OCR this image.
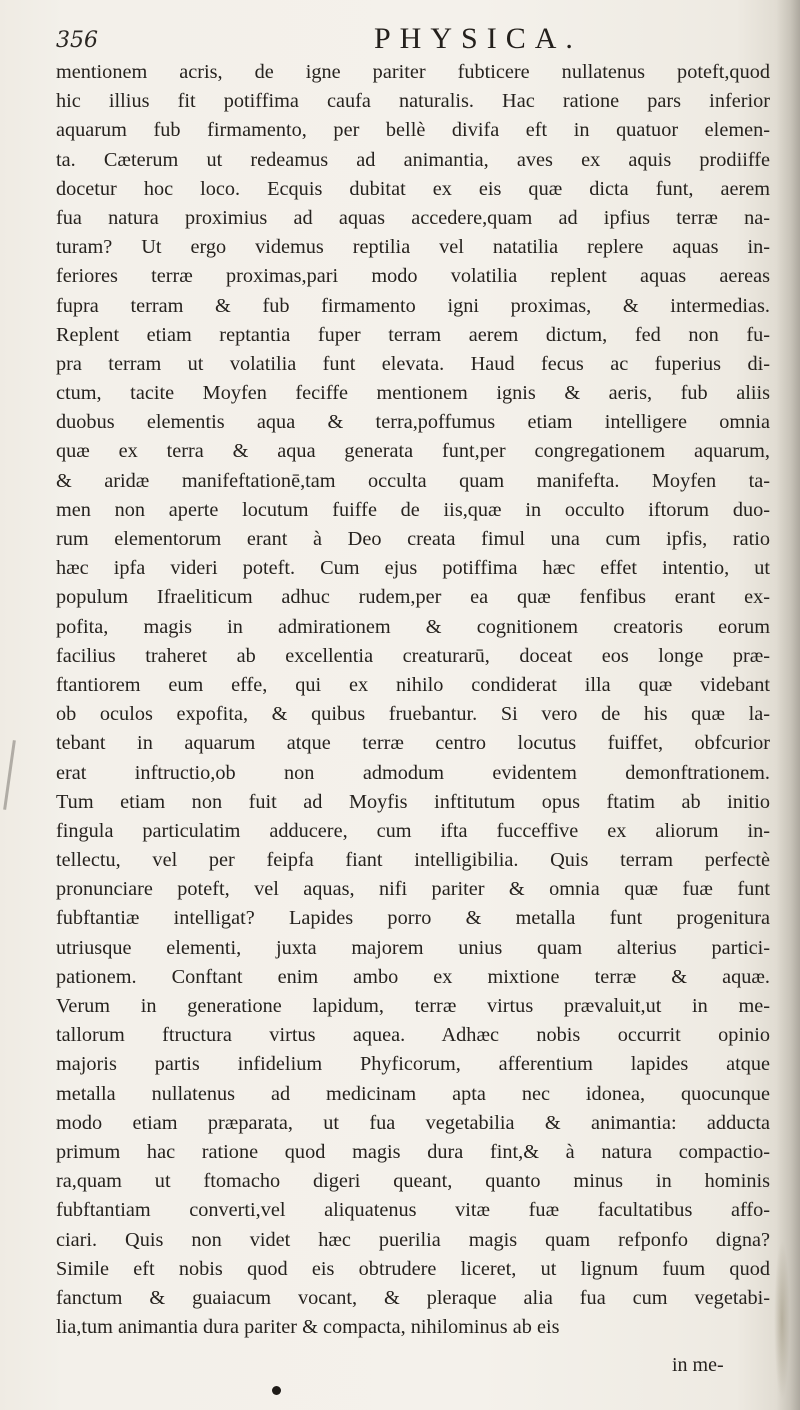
356	PHYSICA.
mentionem acris, de igne pariter fubticere nullatenus poteft,quod
hic illius fit potiffima caufa naturalis. Hac ratione pars inferior
aquarum fub firmamento, per bellè divifa eft in quatuor elemen-
ta. Cæterum ut redeamus ad animantia, aves ex aquis prodiiffe
docetur hoc loco. Ecquis dubitat ex eis quæ dicta funt, aerem
fua natura proximius ad aquas accedere,quam ad ipfius terræ na-
turam? Ut ergo videmus reptilia vel natatilia replere aquas in-
feriores terræ proximas,pari modo volatilia replent aquas aereas
fupra terram & fub firmamento igni proximas, & intermedias.
Replent etiam reptantia fuper terram aerem dictum, fed non fu-
pra terram ut volatilia funt elevata. Haud fecus ac fuperius di-
ctum, tacite Moyfen feciffe mentionem ignis & aeris, fub aliis
duobus elementis aqua & terra,poffumus etiam intelligere omnia
quæ ex terra & aqua generata funt,per congregationem aquarum,
& aridæ manifeftationē,tam occulta quam manifefta. Moyfen ta-
men non aperte locutum fuiffe de iis,quæ in occulto iftorum duo-
rum elementorum erant à Deo creata fimul una cum ipfis, ratio
hæc ipfa videri poteft. Cum ejus potiffima hæc effet intentio, ut
populum Ifraeliticum adhuc rudem,per ea quæ fenfibus erant ex-
pofita, magis in admirationem & cognitionem creatoris eorum
facilius traheret ab excellentia creaturarū, doceat eos longe præ-
ftantiorem eum effe, qui ex nihilo condiderat illa quæ videbant
ob oculos expofita, & quibus fruebantur. Si vero de his quæ la-
tebant in aquarum atque terræ centro locutus fuiffet, obfcurior
erat inftructio,ob non admodum evidentem demonftrationem.
Tum etiam non fuit ad Moyfis inftitutum opus ftatim ab initio
fingula particulatim adducere, cum ifta fucceffive ex aliorum in-
tellectu, vel per feipfa fiant intelligibilia. Quis terram perfectè
pronunciare poteft, vel aquas, nifi pariter & omnia quæ fuæ funt
fubftantiæ intelligat? Lapides porro & metalla funt progenitura
utriusque elementi, juxta majorem unius quam alterius partici-
pationem. Conftant enim ambo ex mixtione terræ & aquæ.
Verum in generatione lapidum, terræ virtus prævaluit,ut in me-
tallorum ftructura virtus aquea. Adhæc nobis occurrit opinio
majoris partis infidelium Phyficorum, afferentium lapides atque
metalla nullatenus ad medicinam apta nec idonea, quocunque
modo etiam præparata, ut fua vegetabilia & animantia: adducta
primum hac ratione quod magis dura fint,& à natura compactio-
ra,quam ut ftomacho digeri queant, quanto minus in hominis
fubftantiam converti,vel aliquatenus vitæ fuæ facultatibus affo-
ciari. Quis non videt hæc puerilia magis quam refponfo digna?
Simile eft nobis quod eis obtrudere liceret, ut lignum fuum quod
fanctum & guaiacum vocant, & pleraque alia fua cum vegetabi-
lia,tum animantia dura pariter & compacta, nihilominus ab eis
in me-
